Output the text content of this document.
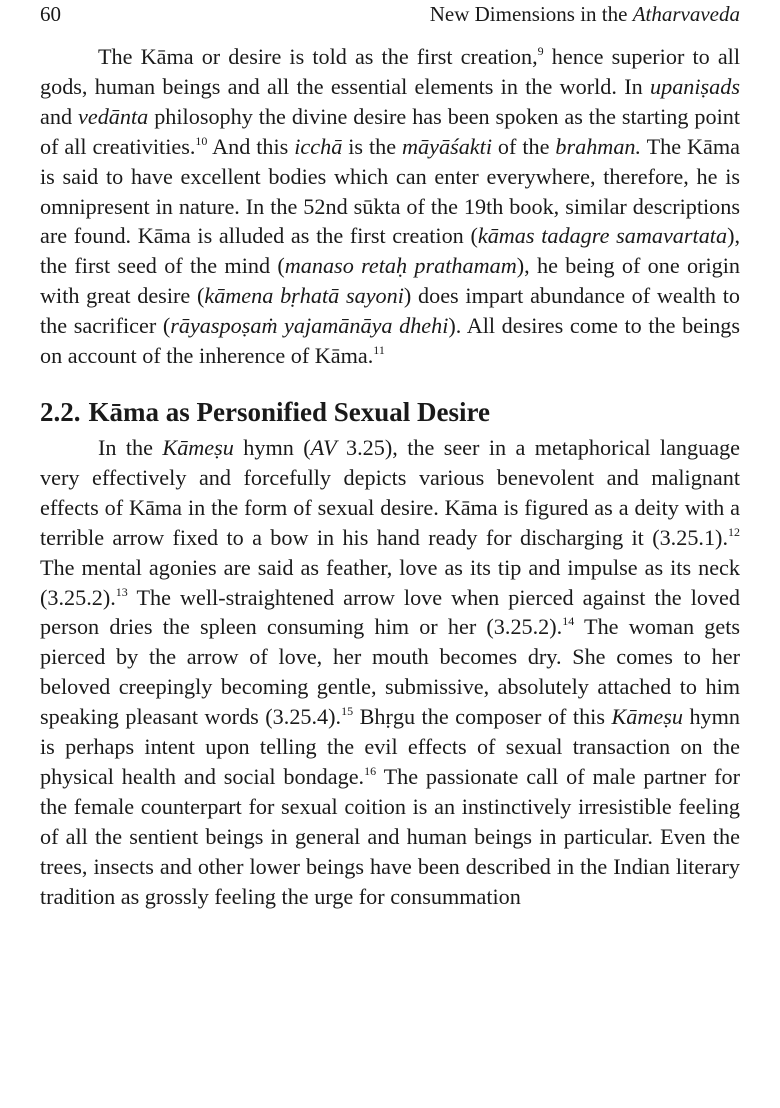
60	New Dimensions in the Atharvaveda

The Kāma or desire is told as the first creation,$^9$ hence superior to all gods, human beings and all the essential elements in the world. In upaniṣads and vedānta philosophy the divine desire has been spoken as the starting point of all creativities.$^{10}$ And this icchā is the māyāśakti of the brahman. The Kāma is said to have excellent bodies which can enter everywhere, therefore, he is omnipresent in nature. In the 52nd sūkta of the 19th book, similar descriptions are found. Kāma is alluded as the first creation (kāmas tadagre samavartata), the first seed of the mind (manaso retaḥ prathamam), he being of one origin with great desire (kāmena bṛhatā sayoni) does impart abundance of wealth to the sacrificer (rāyaspoṣaṁ yajamānāya dhehi). All desires come to the beings on account of the inherence of Kāma.$^{11}$

2.2. Kāma as Personified Sexual Desire

In the Kāmeṣu hymn (AV 3.25), the seer in a metaphorical language very effectively and forcefully depicts various benevolent and malignant effects of Kāma in the form of sexual desire. Kāma is figured as a deity with a terrible arrow fixed to a bow in his hand ready for discharging it (3.25.1).$^{12}$ The mental agonies are said as feather, love as its tip and impulse as its neck (3.25.2).$^{13}$ The well-straightened arrow love when pierced against the loved person dries the spleen consuming him or her (3.25.2).$^{14}$ The woman gets pierced by the arrow of love, her mouth becomes dry. She comes to her beloved creepingly becoming gentle, submissive, absolutely attached to him speaking pleasant words (3.25.4).$^{15}$ Bhṛgu the composer of this Kāmeṣu hymn is perhaps intent upon telling the evil effects of sexual transaction on the physical health and social bondage.$^{16}$ The passionate call of male partner for the female counterpart for sexual coition is an instinctively irresistible feeling of all the sentient beings in general and human beings in particular. Even the trees, insects and other lower beings have been described in the Indian literary tradition as grossly feeling the urge for consummation
